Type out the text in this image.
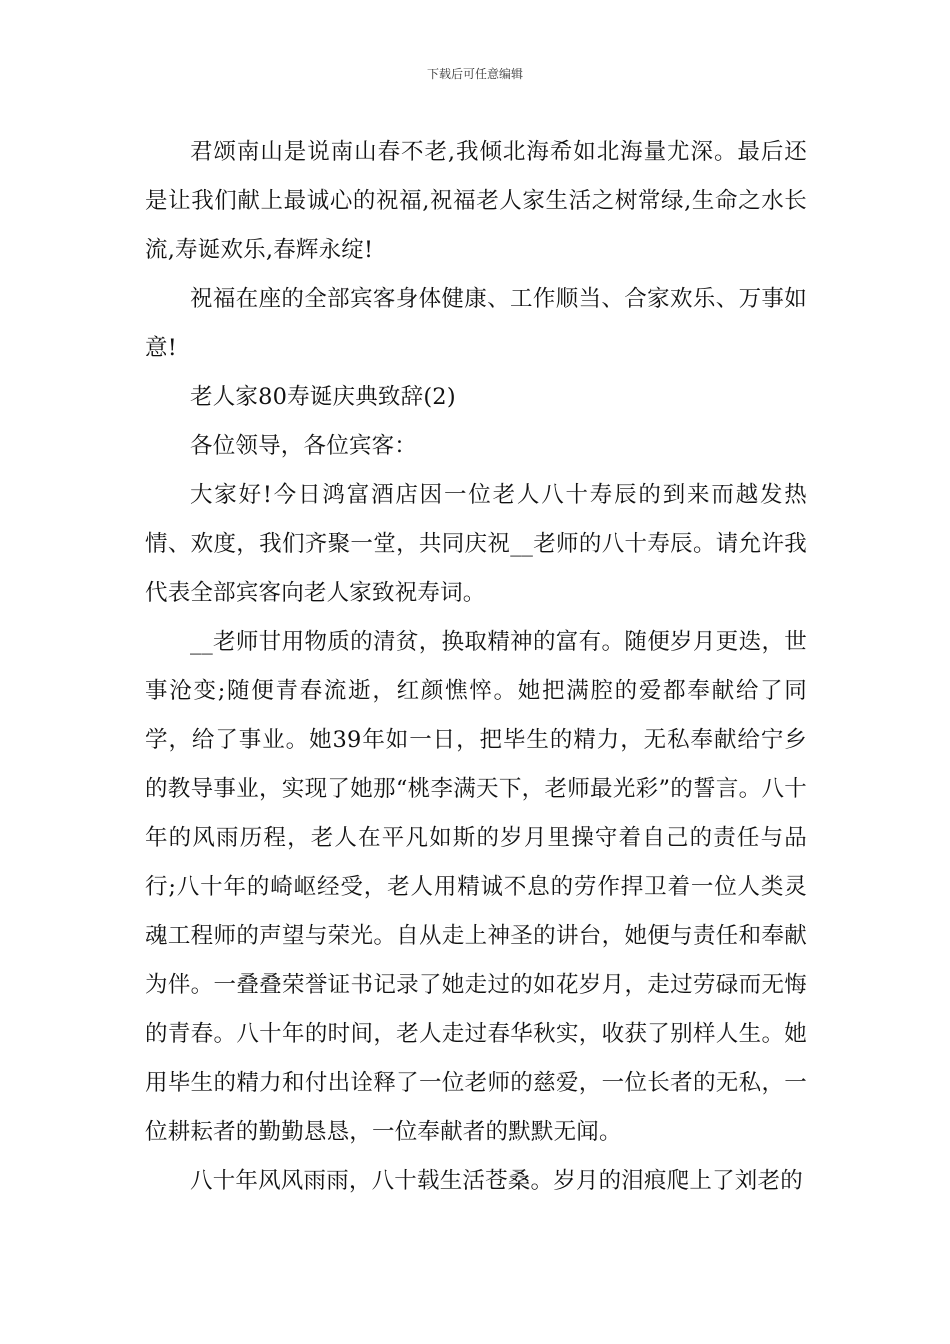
下载后可任意编辑

君颂南山是说南山春不老,我倾北海希如北海量尤深。最后还是让我们献上最诚心的祝福,祝福老人家生活之树常绿,生命之水长流,寿诞欢乐,春辉永绽!

祝福在座的全部宾客身体健康、工作顺当、合家欢乐、万事如意!

老人家80寿诞庆典致辞(2)

各位领导，各位宾客：

大家好!今日鸿富酒店因一位老人八十寿辰的到来而越发热情、欢度，我们齐聚一堂，共同庆祝__老师的八十寿辰。请允许我代表全部宾客向老人家致祝寿词。

__老师甘用物质的清贫，换取精神的富有。随便岁月更迭，世事沧变;随便青春流逝，红颜憔悴。她把满腔的爱都奉献给了同学，给了事业。她39年如一日，把毕生的精力，无私奉献给宁乡的教导事业，实现了她那“桃李满天下，老师最光彩”的誓言。八十年的风雨历程，老人在平凡如斯的岁月里操守着自己的责任与品行;八十年的崎岖经受，老人用精诚不息的劳作捍卫着一位人类灵魂工程师的声望与荣光。自从走上神圣的讲台，她便与责任和奉献为伴。一叠叠荣誉证书记录了她走过的如花岁月，走过劳碌而无悔的青春。八十年的时间，老人走过春华秋实，收获了别样人生。她用毕生的精力和付出诠释了一位老师的慈爱，一位长者的无私，一位耕耘者的勤勤恳恳，一位奉献者的默默无闻。

八十年风风雨雨，八十载生活苍桑。岁月的泪痕爬上了刘老的
